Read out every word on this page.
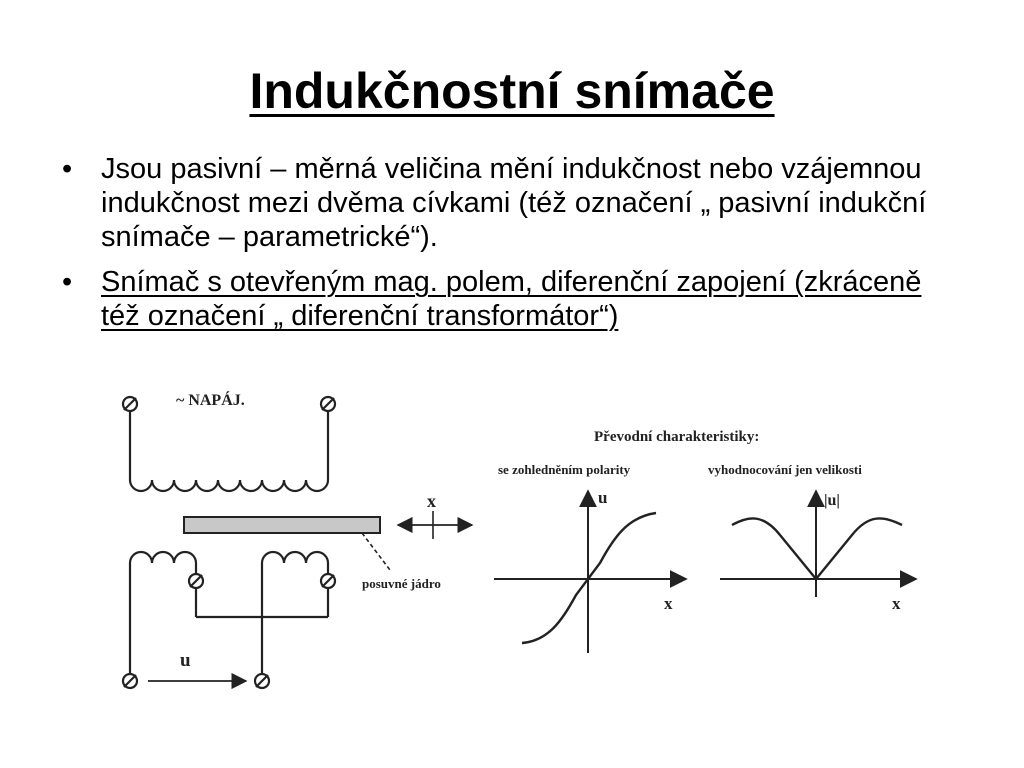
Indukčnostní snímače
• Jsou pasivní – měrná veličina mění indukčnost nebo vzájemnou indukčnost mezi dvěma cívkami (též označení „ pasivní indukční snímače – parametrické“).
• Snímač s otevřeným mag. polem, diferenční zapojení (zkráceně též označení „ diferenční transformátor“)
~ NAPÁJ.
x
posuvné jádro
u
Převodní charakteristiky:
se zohledněním polarity
u
x
vyhodnocování jen velikosti
|u|
x
